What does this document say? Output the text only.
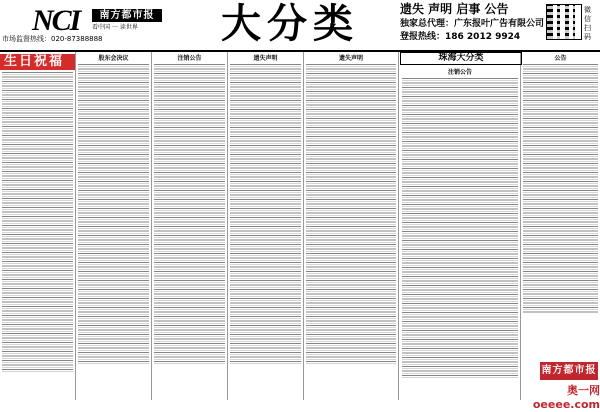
NCI	南方都市报
看中国 一 读世界
市场监督热线：020-87388888	大分类	遗失 声明 启事 公告
独家总代理：广东报叶广告有限公司
登报热线：186 2012 9924
微信扫码
生日祝福	股东会决议	注销公告	遗失声明	遗失声明
注销公告
公告
珠海大分类
南方都市报
奥一网 oeeee.com
